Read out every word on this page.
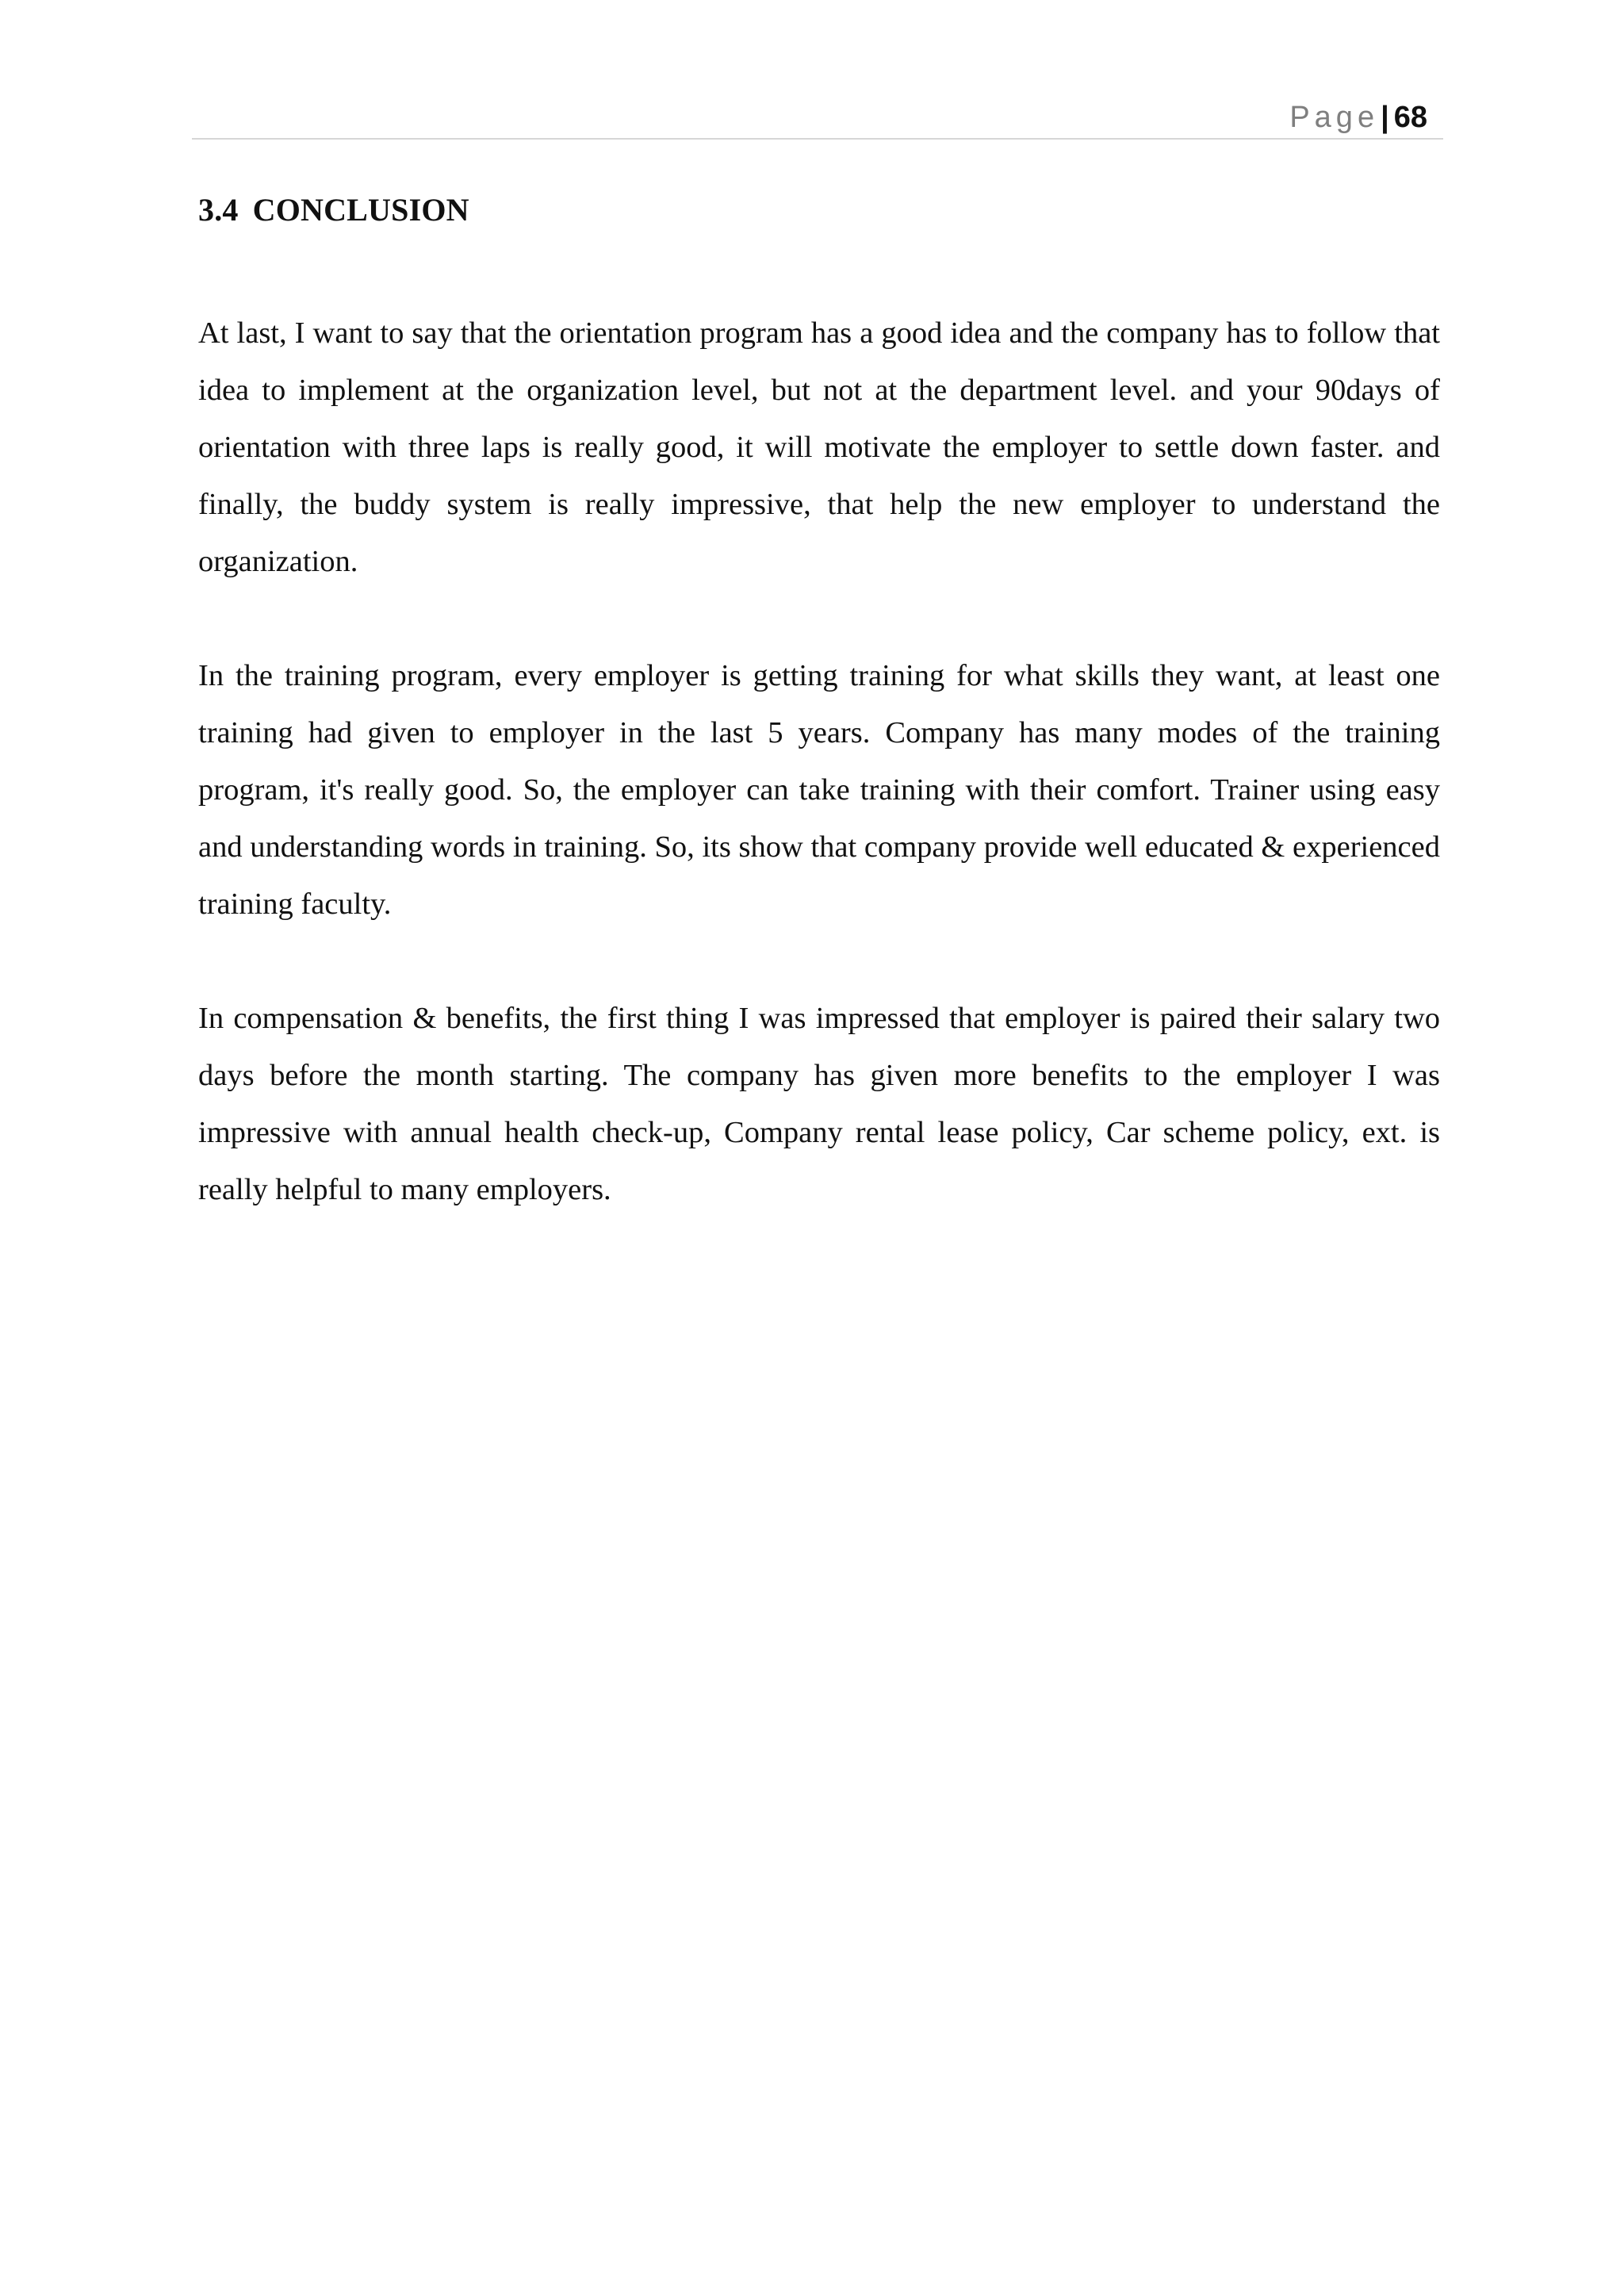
Page| 68
3.4 CONCLUSION

At last, I want to say that the orientation program has a good idea and the company has to follow that idea to implement at the organization level, but not at the department level. and your 90days of orientation with three laps is really good, it will motivate the employer to settle down faster. and finally, the buddy system is really impressive, that help the new employer to understand the organization.

In the training program, every employer is getting training for what skills they want, at least one training had given to employer in the last 5 years. Company has many modes of the training program, it's really good. So, the employer can take training with their comfort. Trainer using easy and understanding words in training. So, its show that company provide well educated & experienced training faculty.

In compensation & benefits, the first thing I was impressed that employer is paired their salary two days before the month starting. The company has given more benefits to the employer I was impressive with annual health check-up, Company rental lease policy, Car scheme policy, ext. is really helpful to many employers.
